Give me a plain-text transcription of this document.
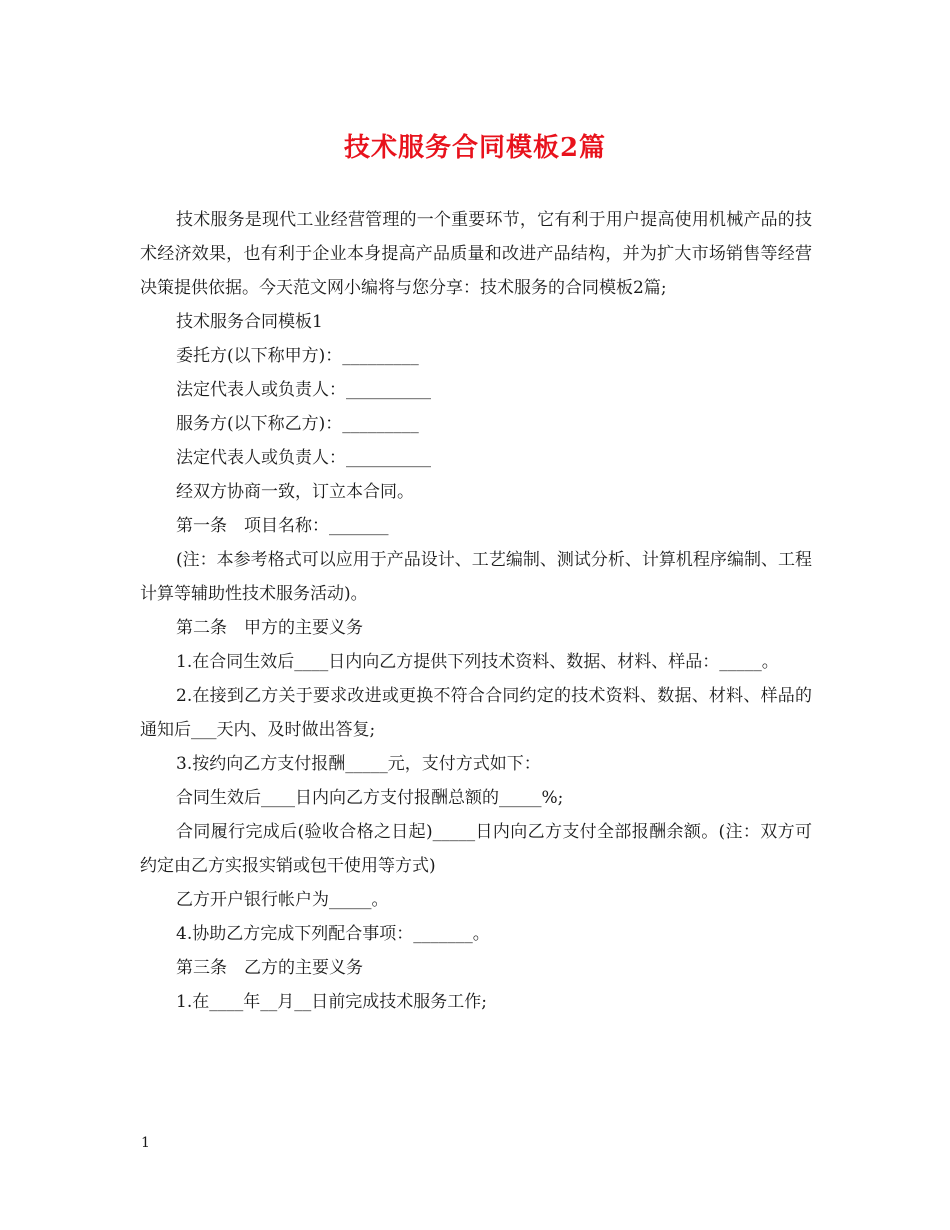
技术服务合同模板2篇

技术服务是现代工业经营管理的一个重要环节，它有利于用户提高使用机械产品的技术经济效果，也有利于企业本身提高产品质量和改进产品结构，并为扩大市场销售等经营决策提供依据。今天范文网小编将与您分享：技术服务的合同模板2篇;

技术服务合同模板1

委托方(以下称甲方)：_________

法定代表人或负责人：__________

服务方(以下称乙方)：_________

法定代表人或负责人：__________

经双方协商一致，订立本合同。

第一条　项目名称：_______

(注：本参考格式可以应用于产品设计、工艺编制、测试分析、计算机程序编制、工程计算等辅助性技术服务活动)。

第二条　甲方的主要义务

1.在合同生效后____日内向乙方提供下列技术资料、数据、材料、样品：_____。

2.在接到乙方关于要求改进或更换不符合合同约定的技术资料、数据、材料、样品的通知后___天内、及时做出答复;

3.按约向乙方支付报酬_____元，支付方式如下：

合同生效后____日内向乙方支付报酬总额的_____%;

合同履行完成后(验收合格之日起)_____日内向乙方支付全部报酬余额。(注：双方可约定由乙方实报实销或包干使用等方式)

乙方开户银行帐户为_____。

4.协助乙方完成下列配合事项：_______。

第三条　乙方的主要义务

1.在____年__月__日前完成技术服务工作;

1
